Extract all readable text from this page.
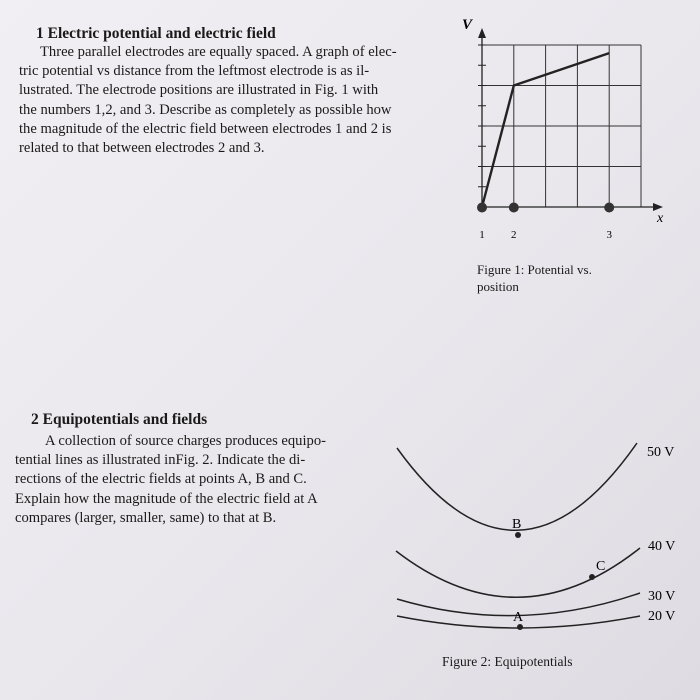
1 Electric potential and electric field
Three parallel electrodes are equally spaced. A graph of elec-
tric potential vs distance from the leftmost electrode is as il-
lustrated. The electrode positions are illustrated in Fig. 1 with
the numbers 1,2, and 3. Describe as completely as possible how
the magnitude of the electric field between electrodes 1 and 2 is
related to that between electrodes 2 and 3.
V
x
1 2	3
B
C
A
50 V
40 V
30 V
20 V
Figure 1: Potential vs.
position
2 Equipotentials and fields
A collection of source charges produces equipo-
tential lines as illustrated inFig. 2. Indicate the di-
rections of the electric fields at points A, B and C.
Explain how the magnitude of the electric field at A
compares (larger, smaller, same) to that at B.
Figure 2: Equipotentials
